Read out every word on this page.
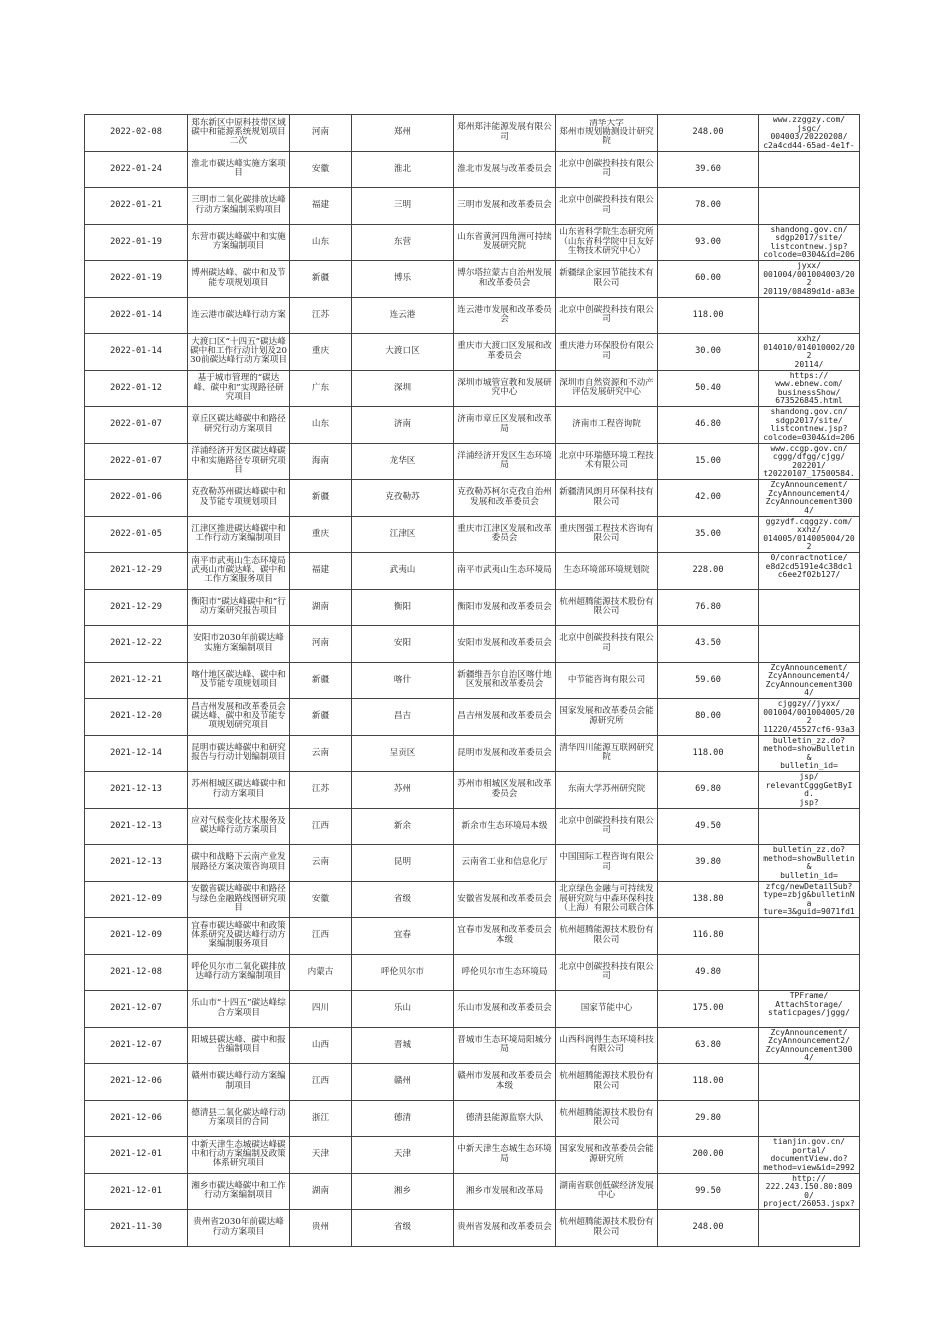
2022-02-08	郑东新区中原科技带区域碳中和能源系统规划项目二次	河南	郑州	郑州郑沣能源发展有限公司	清华大学
郑州市规划勘测设计研究院	248.00	www.zzggzy.com/
jsgc/
004003/20220208/
c2a4cd44-65ad-4e1f-

2022-01-24	淮北市碳达峰实施方案项目	安徽	淮北	淮北市发展与改革委员会	北京中创碳投科技有限公司	39.60	
2022-01-21	三明市二氧化碳排放达峰行动方案编制采购项目	福建	三明	三明市发展和改革委员会	北京中创碳投科技有限公司	78.00	
2022-01-19	东营市碳达峰碳中和实施方案编制项目	山东	东营	山东省黄河四角洲可持续发展研究院	山东省科学院生态研究所（山东省科学院中日友好生物技术研究中心）	93.00	shandong.gov.cn/
sdgp2017/site/
listcontnew.jsp?
colcode=0304&id=206

2022-01-19	博州碳达峰、碳中和及节能专项规划项目	新疆	博乐	博尔塔拉蒙古自治州发展和改革委员会	新疆绿企家园节能技术有限公司	60.00	jyxx/
001004/001004003/202
20119/08489d1d-a83e

2022-01-14	连云港市碳达峰行动方案	江苏	连云港	连云港市发展和改革委员会	北京中创碳投科技有限公司	118.00	
2022-01-14	大渡口区“十四五”碳达峰碳中和工作行动计划及2030前碳达峰行动方案项目	重庆	大渡口区	重庆市大渡口区发展和改革委员会	重庆港力环保股份有限公司	30.00	xxhz/
014010/014010002/202
20114/

2022-01-12	基于城市管理的“碳达峰、碳中和”实现路径研究项目	广东	深圳	深圳市城管宣教和发展研究中心	深圳市自然资源和不动产评估发展研究中心	50.40	https://
www.ebnew.com/
businessShow/
673526845.html

2022-01-07	章丘区碳达峰碳中和路径研究行动方案项目	山东	济南	济南市章丘区发展和改革局	济南市工程咨询院	46.80	shandong.gov.cn/
sdgp2017/site/
listcontnew.jsp?
colcode=0304&id=206

2022-01-07	洋浦经济开发区碳达峰碳中和实施路径专项研究项目	海南	龙华区	洋浦经济开发区生态环境局	北京中环瑞德环境工程技术有限公司	15.00	www.ccgp.gov.cn/
cggg/dfgg/cjgg/
202201/
t20220107_17500584.

2022-01-06	克孜勒苏州碳达峰碳中和及节能专项规划项目	新疆	克孜勒苏	克孜勒苏柯尔克孜自治州发展和改革委员会	新疆清风朗月环保科技有限公司	42.00	ZcyAnnouncement/
ZcyAnnouncement4/
ZcyAnnouncement3004/

2022-01-05	江津区推进碳达峰碳中和工作行动方案编制项目	重庆	江津区	重庆市江津区发展和改革委员会	重庆图强工程技术咨询有限公司	35.00	ggzydf.cqggzy.com/
xxhz/
014005/014005004/202

2021-12-29	南平市武夷山生态环境局武夷山市碳达峰、碳中和工作方案服务项目	福建	武夷山	南平市武夷山生态环境局	生态环境部环境规划院	228.00	0/conractnotice/
e8d2cd5191e4c38dc1
c6ee2f02b127/

2021-12-29	衡阳市“碳达峰碳中和”行动方案研究报告项目	湖南	衡阳	衡阳市发展和改革委员会	杭州超腾能源技术股份有限公司	76.80	
2021-12-22	安阳市2030年前碳达峰实施方案编制项目	河南	安阳	安阳市发展和改革委员会	北京中创碳投科技有限公司	43.50	
2021-12-21	喀什地区碳达峰、碳中和及节能专项规划项目	新疆	喀什	新疆维吾尔自治区喀什地区发展和改革委员会	中节能咨询有限公司	59.60	ZcyAnnouncement/
ZcyAnnouncement4/
ZcyAnnouncement3004/

2021-12-20	昌吉州发展和改革委员会碳达峰、碳中和及节能专项规划研究项目	新疆	昌吉	昌吉州发展和改革委员会	国家发展和改革委员会能源研究所	80.00	cjggzy//jyxx/
001004/001004005/202
11220/45527cf6-93a3

2021-12-14	昆明市碳达峰碳中和研究报告与行动计划编制项目	云南	呈贡区	昆明市发展和改革委员会	清华四川能源互联网研究院	118.00	bulletin_zz.do?
method=showBulletin&
bulletin_id=

2021-12-13	苏州相城区碳达峰碳中和行动方案项目	江苏	苏州	苏州市相城区发展和改革委员会	东南大学苏州研究院	69.80	jsp/
relevantCgggGetById.
jsp?

2021-12-13	应对气候变化技术服务及碳达峰行动方案项目	江西	新余	新余市生态环境局本级	北京中创碳投科技有限公司	49.50	
2021-12-13	碳中和战略下云南产业发展路径方案决策咨询项目	云南	昆明	云南省工业和信息化厅	中国国际工程咨询有限公司	39.80	bulletin_zz.do?
method=showBulletin&
bulletin_id=

2021-12-09	安徽省碳达峰碳中和路径与绿色金融路线图研究项目	安徽	省级	安徽省发展和改革委员会	北京绿色金融与可持续发展研究院与中森环保科技（上海）有限公司联合体	138.80	zfcg/newDetailSub?
type=zbjg&bulletinNa
ture=3&guid=9071fd1

2021-12-09	宜春市碳达峰碳中和政策体系研究及碳达峰行动方案编制服务项目	江西	宜春	宜春市发展和改革委员会本级	杭州超腾能源技术股份有限公司	116.80	
2021-12-08	呼伦贝尔市二氧化碳排放达峰行动方案编制项目	内蒙古	呼伦贝尔市	呼伦贝尔市生态环境局	北京中创碳投科技有限公司	49.80	
2021-12-07	乐山市“十四五”碳达峰综合方案项目	四川	乐山	乐山市发展和改革委员会	国家节能中心	175.00	TPFrame/
AttachStorage/
staticpages/jggg/

2021-12-07	阳城县碳达峰、碳中和报告编制项目	山西	晋城	晋城市生态环境局阳城分局	山西科润得生态环境科技有限公司	63.80	ZcyAnnouncement/
ZcyAnnouncement2/
ZcyAnnouncement3004/

2021-12-06	赣州市碳达峰行动方案编制项目	江西	赣州	赣州市发展和改革委员会本级	杭州超腾能源技术股份有限公司	118.00	
2021-12-06	德清县二氧化碳达峰行动方案项目的合同	浙江	德清	德清县能源监察大队	杭州超腾能源技术股份有限公司	29.80	
2021-12-01	中新天津生态城碳达峰碳中和行动方案编制及政策体系研究项目	天津	天津	中新天津生态城生态环境局	国家发展和改革委员会能源研究所	200.00	tianjin.gov.cn/
portal/
documentView.do?
method=view&id=2992

2021-12-01	湘乡市碳达峰碳中和工作行动方案编制项目	湖南	湘乡	湘乡市发展和改革局	湖南省联创低碳经济发展中心	99.50	http://
222.243.150.80:8090/
project/26053.jspx?

2021-11-30	贵州省2030年前碳达峰行动方案项目	贵州	省级	贵州省发展和改革委员会	杭州超腾能源技术股份有限公司	248.00	
